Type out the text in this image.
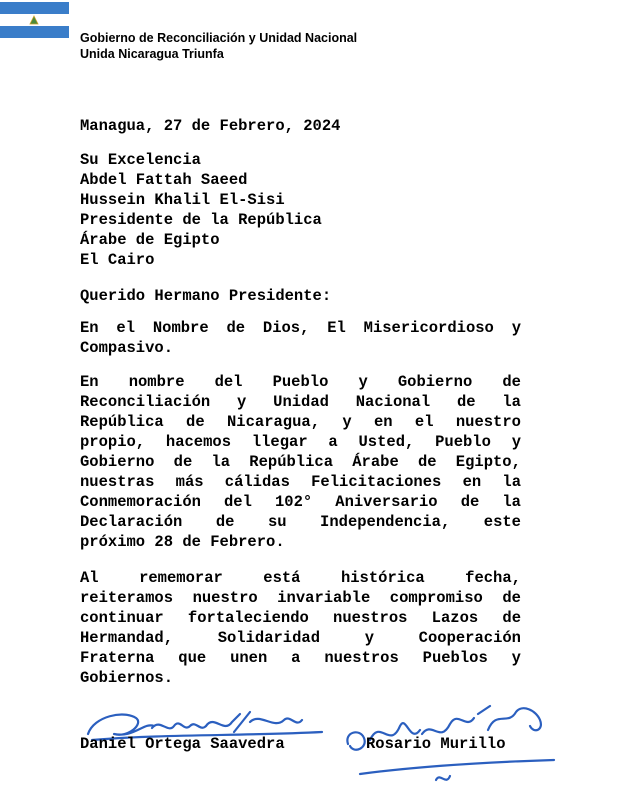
Gobierno de Reconciliación y Unidad Nacional
Unida Nicaragua Triunfa
Managua, 27 de Febrero, 2024
Su Excelencia
Abdel Fattah Saeed
Hussein Khalil El-Sisi
Presidente de la República
Árabe de Egipto
El Cairo
Querido Hermano Presidente:
En el Nombre de Dios, El Misericordioso y
Compasivo.
En nombre del Pueblo y Gobierno de
Reconciliación y Unidad Nacional de la
República de Nicaragua, y en el nuestro
propio, hacemos llegar a Usted, Pueblo y
Gobierno de la República Árabe de Egipto,
nuestras más cálidas Felicitaciones en la
Conmemoración del 102° Aniversario de la
Declaración de su Independencia, este
próximo 28 de Febrero.
Al	rememorar	está	histórica	fecha,
reiteramos nuestro invariable compromiso de
continuar fortaleciendo nuestros Lazos de
Hermandad,	Solidaridad	y	Cooperación
Fraterna que unen a nuestros Pueblos y
Gobiernos.
Daniel Ortega Saavedra	Rosario Murillo
